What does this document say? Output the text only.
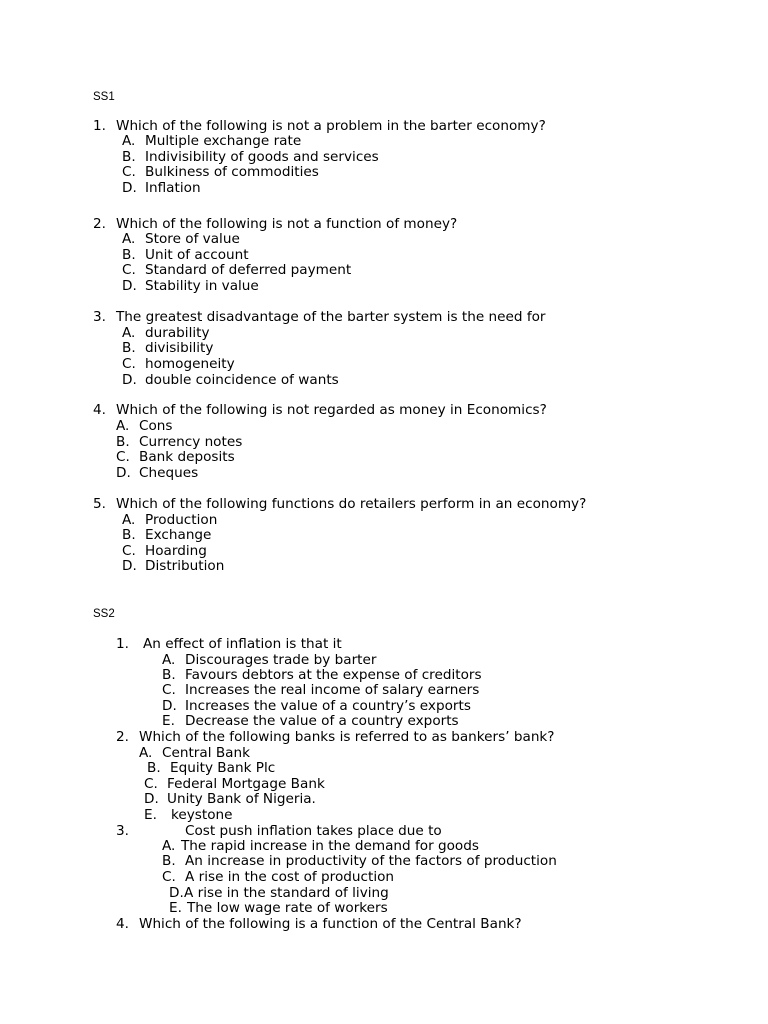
SS1
1. Which of the following is not a problem in the barter economy?
A. Multiple exchange rate
B. Indivisibility of goods and services
C. Bulkiness of commodities
D. Inflation
2. Which of the following is not a function of money?
A. Store of value
B. Unit of account
C. Standard of deferred payment
D. Stability in value
3. The greatest disadvantage of the barter system is the need for
A. durability
B. divisibility
C. homogeneity
D. double coincidence of wants
4. Which of the following is not regarded as money in Economics?
A. Cons
B. Currency notes
C. Bank deposits
D. Cheques
5. Which of the following functions do retailers perform in an economy?
A. Production
B. Exchange
C. Hoarding
D. Distribution
SS2
1. An effect of inflation is that it
A. Discourages trade by barter
B. Favours debtors at the expense of creditors
C. Increases the real income of salary earners
D. Increases the value of a country’s exports
E. Decrease the value of a country exports
2. Which of the following banks is referred to as bankers’ bank?
A. Central Bank
B. Equity Bank Plc
C. Federal Mortgage Bank
D. Unity Bank of Nigeria.
E. keystone
3.	Cost push inflation takes place due to
A. The rapid increase in the demand for goods
B. An increase in productivity of the factors of production
C. A rise in the cost of production
D. A rise in the standard of living
E. The low wage rate of workers
4. Which of the following is a function of the Central Bank?
